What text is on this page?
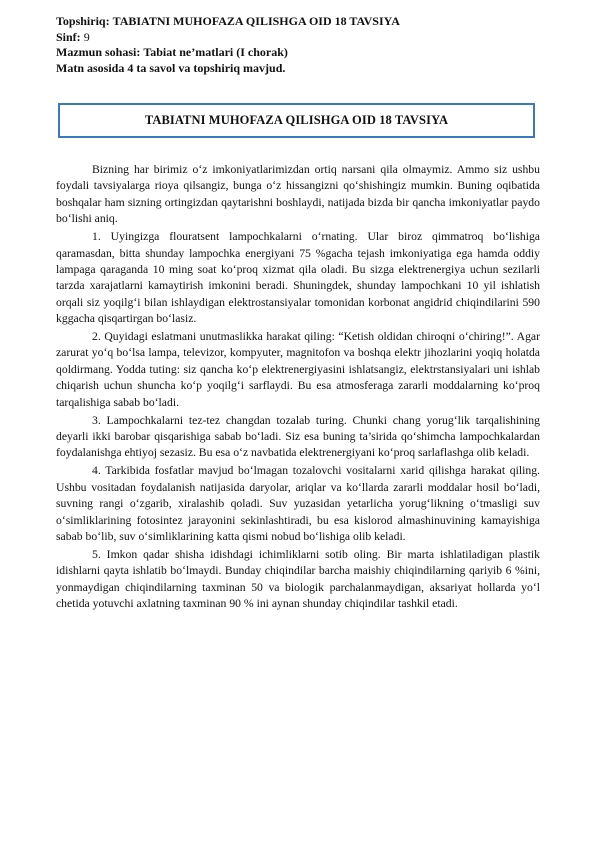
Topshiriq: TABIATNI MUHOFAZA QILISHGA OID 18 TAVSIYA
Sinf: 9
Mazmun sohasi: Tabiat ne’matlari (I chorak)
Matn asosida 4 ta savol va topshiriq mavjud.
TABIATNI MUHOFAZA QILISHGA OID 18 TAVSIYA

Bizning har birimiz o‘z imkoniyatlarimizdan ortiq narsani qila olmaymiz. Ammo siz ushbu foydali tavsiyalarga rioya qilsangiz, bunga o‘z hissangizni qo‘shishingiz mumkin. Buning oqibatida boshqalar ham sizning ortingizdan qaytarishni boshlaydi, natijada bizda bir qancha imkoniyatlar paydo bo‘lishi aniq.

1. Uyingizga flouratsent lampochkalarni o‘rnating. Ular biroz qimmatroq bo‘lishiga qaramasdan, bitta shunday lampochka energiyani 75 %gacha tejash imkoniyatiga ega hamda oddiy lampaga qaraganda 10 ming soat ko‘proq xizmat qila oladi. Bu sizga elektrenergiya uchun sezilarli tarzda xarajatlarni kamaytirish imkonini beradi. Shuningdek, shunday lampochkani 10 yil ishlatish orqali siz yoqilg‘i bilan ishlaydigan elektrostansiyalar tomonidan korbonat angidrid chiqindilarini 590 kggacha qisqartirgan bo‘lasiz.

2. Quyidagi eslatmani unutmaslikka harakat qiling: “Ketish oldidan chiroqni o‘chiring!”. Agar zarurat yo‘q bo‘lsa lampa, televizor, kompyuter, magnitofon va boshqa elektr jihozlarini yoqiq holatda qoldirmang. Yodda tuting: siz qancha ko‘p elektrenergiyasini ishlatsangiz, elektrstansiyalari uni ishlab chiqarish uchun shuncha ko‘p yoqilg‘i sarflaydi. Bu esa atmosferaga zararli moddalarning ko‘proq tarqalishiga sabab bo‘ladi.

3. Lampochkalarni tez-tez changdan tozalab turing. Chunki chang yorug‘lik tarqalishining deyarli ikki barobar qisqarishiga sabab bo‘ladi. Siz esa buning ta’sirida qo‘shimcha lampochkalardan foydalanishga ehtiyoj sezasiz. Bu esa o‘z navbatida elektrenergiyani ko‘proq sarlaflashga olib keladi.

4. Tarkibida fosfatlar mavjud bo‘lmagan tozalovchi vositalarni xarid qilishga harakat qiling. Ushbu vositadan foydalanish natijasida daryolar, ariqlar va ko‘llarda zararli moddalar hosil bo‘ladi, suvning rangi o‘zgarib, xiralashib qoladi. Suv yuzasidan yetarlicha yorug‘likning o‘tmasligi suv o‘simliklarining fotosintez jarayonini sekinlashtiradi, bu esa kislorod almashinuvining kamayishiga sabab bo‘lib, suv o‘simliklarining katta qismi nobud bo‘lishiga olib keladi.

5. Imkon qadar shisha idishdagi ichimliklarni sotib oling. Bir marta ishlatiladigan plastik idishlarni qayta ishlatib bo‘lmaydi. Bunday chiqindilar barcha maishiy chiqindilarning qariyib 6 %ini, yonmaydigan chiqindilarning taxminan 50 va biologik parchalanmaydigan, aksariyat hollarda yo‘l chetida yotuvchi axlatning taxminan 90 % ini aynan shunday chiqindilar tashkil etadi.
